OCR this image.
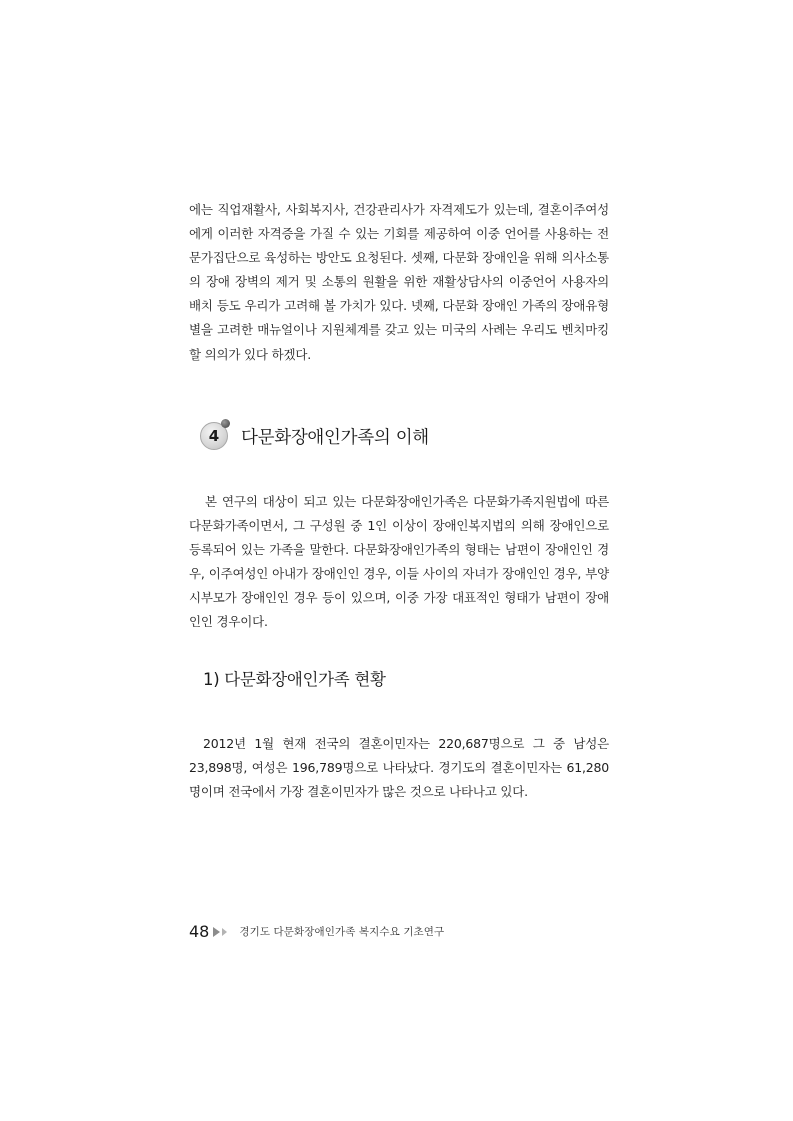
에는 직업재활사, 사회복지사, 건강관리사가 자격제도가 있는데, 결혼이주여성에게 이러한 자격증을 가질 수 있는 기회를 제공하여 이중 언어를 사용하는 전문가집단으로 육성하는 방안도 요청된다. 셋째, 다문화 장애인을 위해 의사소통의 장애 장벽의 제거 및 소통의 원활을 위한 재활상담사의 이중언어 사용자의 배치 등도 우리가 고려해 볼 가치가 있다. 넷째, 다문화 장애인 가족의 장애유형별을 고려한 매뉴얼이나 지원체계를 갖고 있는 미국의 사례는 우리도 벤치마킹할 의의가 있다 하겠다.

4 다문화장애인가족의 이해

본 연구의 대상이 되고 있는 다문화장애인가족은 다문화가족지원법에 따른 다문화가족이면서, 그 구성원 중 1인 이상이 장애인복지법의 의해 장애인으로 등록되어 있는 가족을 말한다. 다문화장애인가족의 형태는 남편이 장애인인 경우, 이주여성인 아내가 장애인인 경우, 이들 사이의 자녀가 장애인인 경우, 부양 시부모가 장애인인 경우 등이 있으며, 이중 가장 대표적인 형태가 남편이 장애인인 경우이다.

1) 다문화장애인가족 현황

2012년 1월 현재 전국의 결혼이민자는 220,687명으로 그 중 남성은 23,898명, 여성은 196,789명으로 나타났다. 경기도의 결혼이민자는 61,280명이며 전국에서 가장 결혼이민자가 많은 것으로 나타나고 있다.

48	경기도 다문화장애인가족 복지수요 기초연구
